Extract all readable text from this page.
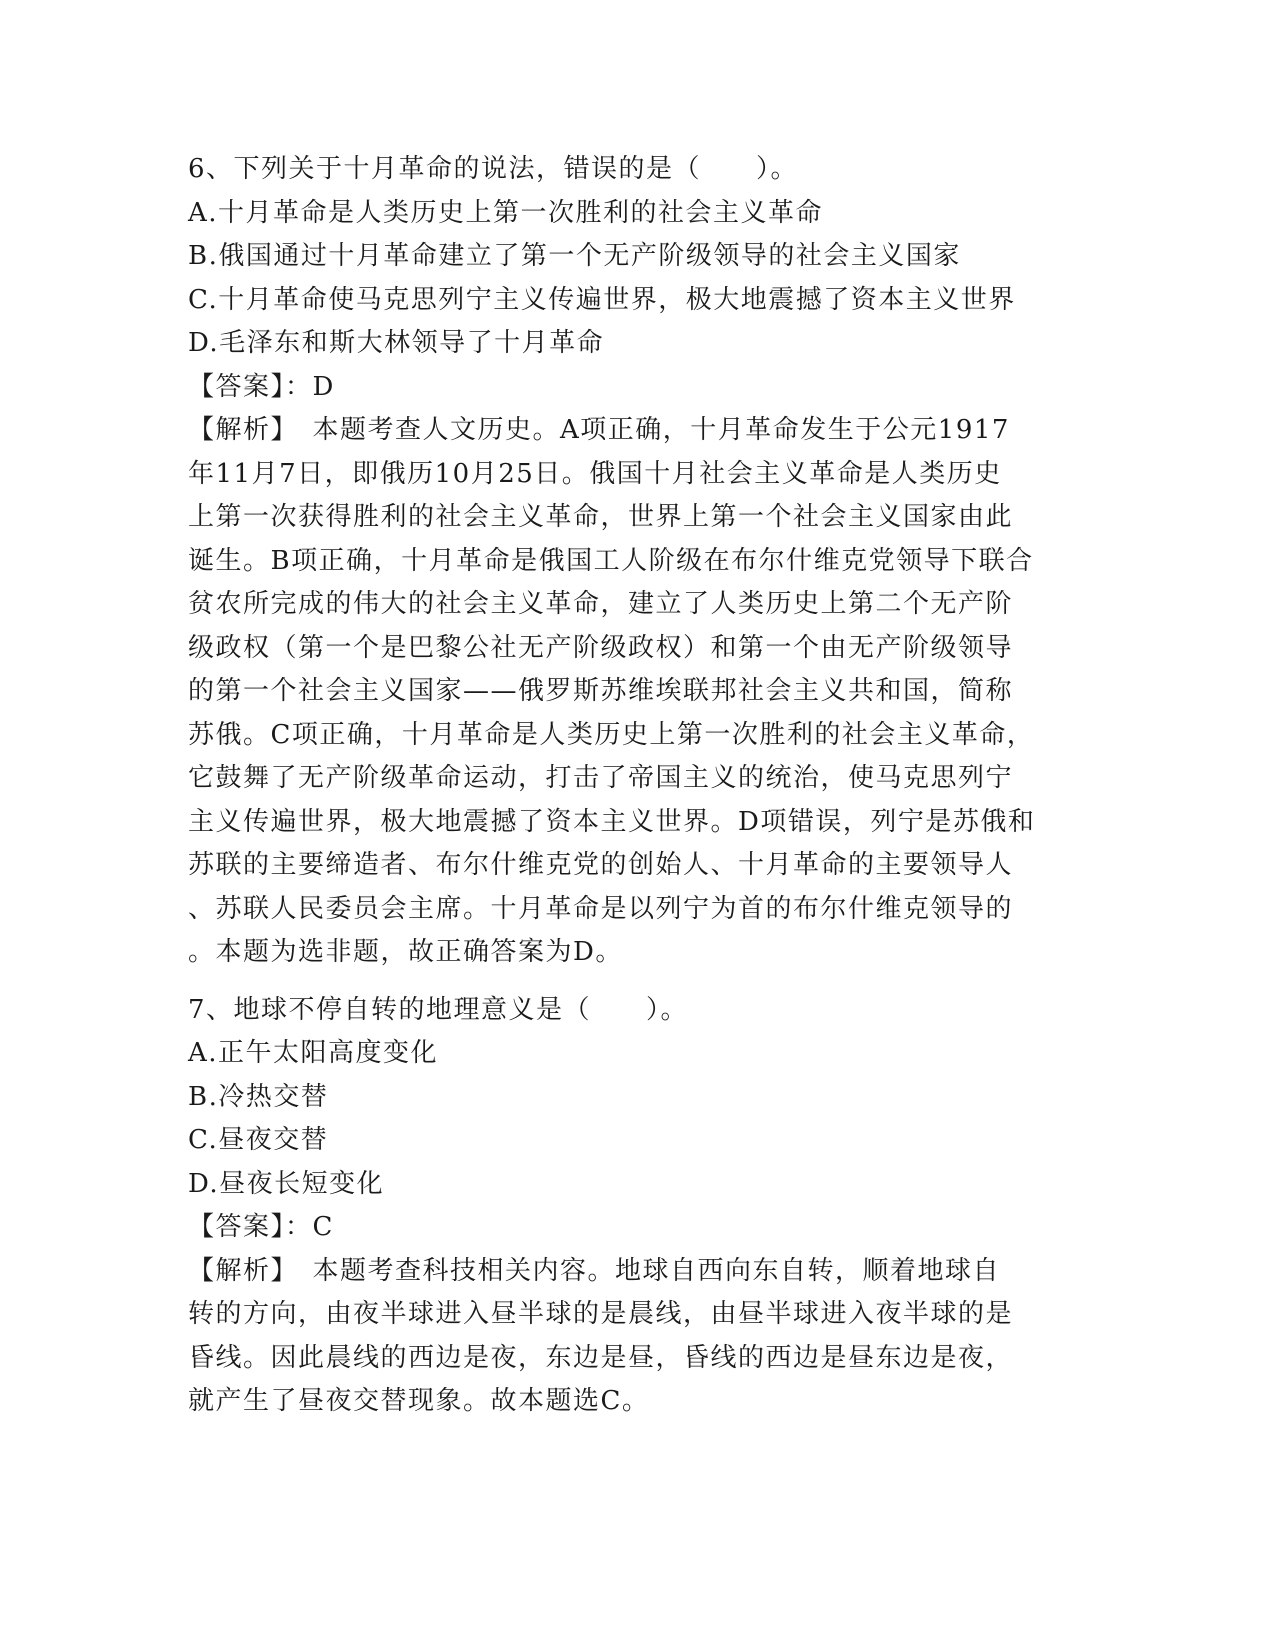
6、下列关于十月革命的说法，错误的是（　　）。
A.十月革命是人类历史上第一次胜利的社会主义革命
B.俄国通过十月革命建立了第一个无产阶级领导的社会主义国家
C.十月革命使马克思列宁主义传遍世界，极大地震撼了资本主义世界
D.毛泽东和斯大林领导了十月革命
【答案】：D
【解析】　本题考查人文历史。A项正确，十月革命发生于公元1917
年11月7日，即俄历10月25日。俄国十月社会主义革命是人类历史
上第一次获得胜利的社会主义革命，世界上第一个社会主义国家由此
诞生。B项正确，十月革命是俄国工人阶级在布尔什维克党领导下联合
贫农所完成的伟大的社会主义革命，建立了人类历史上第二个无产阶
级政权（第一个是巴黎公社无产阶级政权）和第一个由无产阶级领导
的第一个社会主义国家——俄罗斯苏维埃联邦社会主义共和国，简称
苏俄。C项正确，十月革命是人类历史上第一次胜利的社会主义革命，
它鼓舞了无产阶级革命运动，打击了帝国主义的统治，使马克思列宁
主义传遍世界，极大地震撼了资本主义世界。D项错误，列宁是苏俄和
苏联的主要缔造者、布尔什维克党的创始人、十月革命的主要领导人
、苏联人民委员会主席。十月革命是以列宁为首的布尔什维克领导的
。本题为选非题，故正确答案为D。
7、地球不停自转的地理意义是（　　）。
A.正午太阳高度变化
B.冷热交替
C.昼夜交替
D.昼夜长短变化
【答案】：C
【解析】　本题考查科技相关内容。地球自西向东自转，顺着地球自
转的方向，由夜半球进入昼半球的是晨线，由昼半球进入夜半球的是
昏线。因此晨线的西边是夜，东边是昼，昏线的西边是昼东边是夜，
就产生了昼夜交替现象。故本题选C。
